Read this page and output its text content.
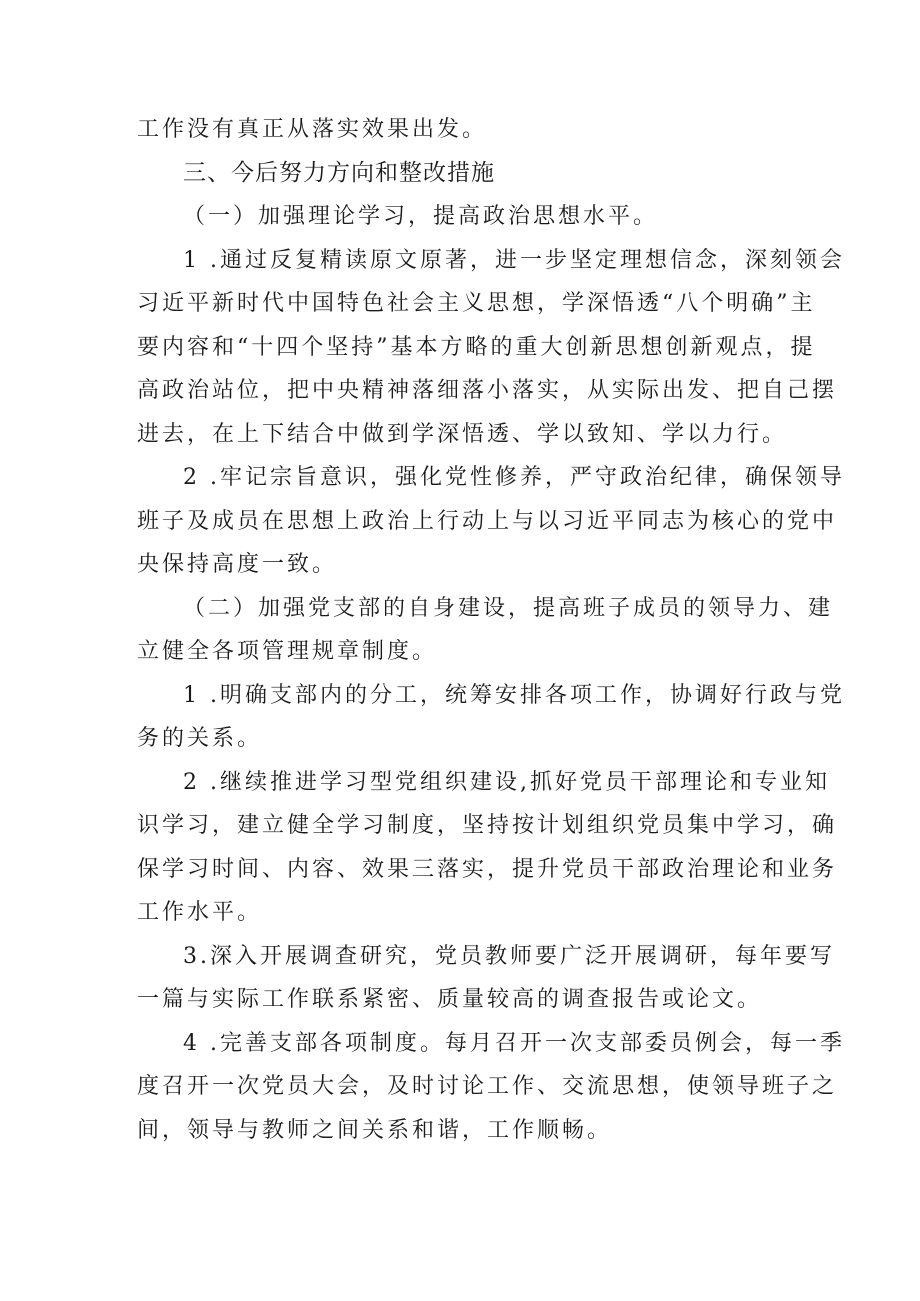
工作没有真正从落实效果出发。

三、今后努力方向和整改措施

（一）加强理论学习，提高政治思想水平。

1 .通过反复精读原文原著，进一步坚定理想信念，深刻领会

习近平新时代中国特色社会主义思想，学深悟透“八个明确”主

要内容和“十四个坚持”基本方略的重大创新思想创新观点，提

高政治站位，把中央精神落细落小落实，从实际出发、把自己摆

进去，在上下结合中做到学深悟透、学以致知、学以力行。

2 .牢记宗旨意识，强化党性修养，严守政治纪律，确保领导

班子及成员在思想上政治上行动上与以习近平同志为核心的党中

央保持高度一致。

（二）加强党支部的自身建设，提高班子成员的领导力、建

立健全各项管理规章制度。

1 .明确支部内的分工，统筹安排各项工作，协调好行政与党

务的关系。

2 .继续推进学习型党组织建设,抓好党员干部理论和专业知

识学习，建立健全学习制度，坚持按计划组织党员集中学习，确

保学习时间、内容、效果三落实，提升党员干部政治理论和业务

工作水平。

3.深入开展调查研究，党员教师要广泛开展调研，每年要写

一篇与实际工作联系紧密、质量较高的调查报告或论文。

4 .完善支部各项制度。每月召开一次支部委员例会，每一季

度召开一次党员大会，及时讨论工作、交流思想，使领导班子之

间，领导与教师之间关系和谐，工作顺畅。
